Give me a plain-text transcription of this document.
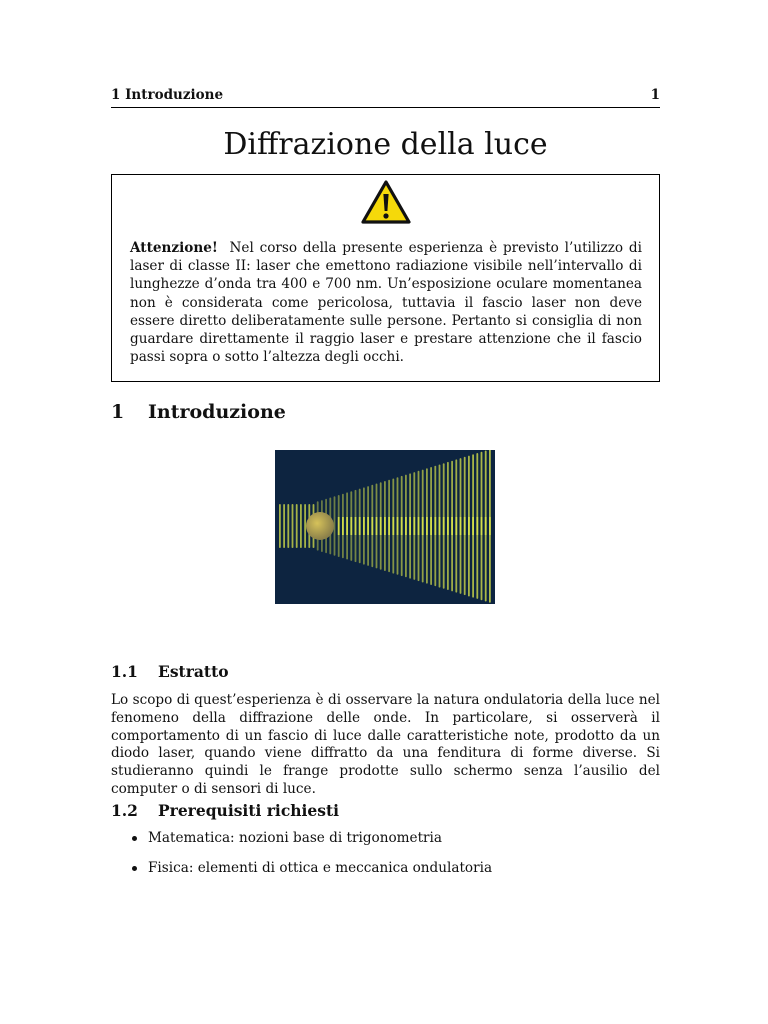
1 Introduzione	1
Diffrazione della luce

Attenzione! Nel corso della presente esperienza è previsto l’utilizzo di laser di classe II: laser che emettono radiazione visibile nell’intervallo di lunghezze d’onda tra 400 e 700 nm. Un’esposizione oculare momentanea non è considerata come pericolosa, tuttavia il fascio laser non deve essere diretto deliberatamente sulle persone. Pertanto si consiglia di non guardare direttamente il raggio laser e prestare attenzione che il fascio passi sopra o sotto l’altezza degli occhi.

1 Introduzione
1.1 Estratto

Lo scopo di quest’esperienza è di osservare la natura ondulatoria della luce nel fenomeno della diffrazione delle onde. In particolare, si osserverà il comportamento di un fascio di luce dalle caratteristiche note, prodotto da un diodo laser, quando viene diffratto da una fenditura di forme diverse. Si studieranno quindi le frange prodotte sullo schermo senza l’ausilio del computer o di sensori di luce.

1.2 Prerequisiti richiesti
Matematica: nozioni base di trigonometria
Fisica: elementi di ottica e meccanica ondulatoria
